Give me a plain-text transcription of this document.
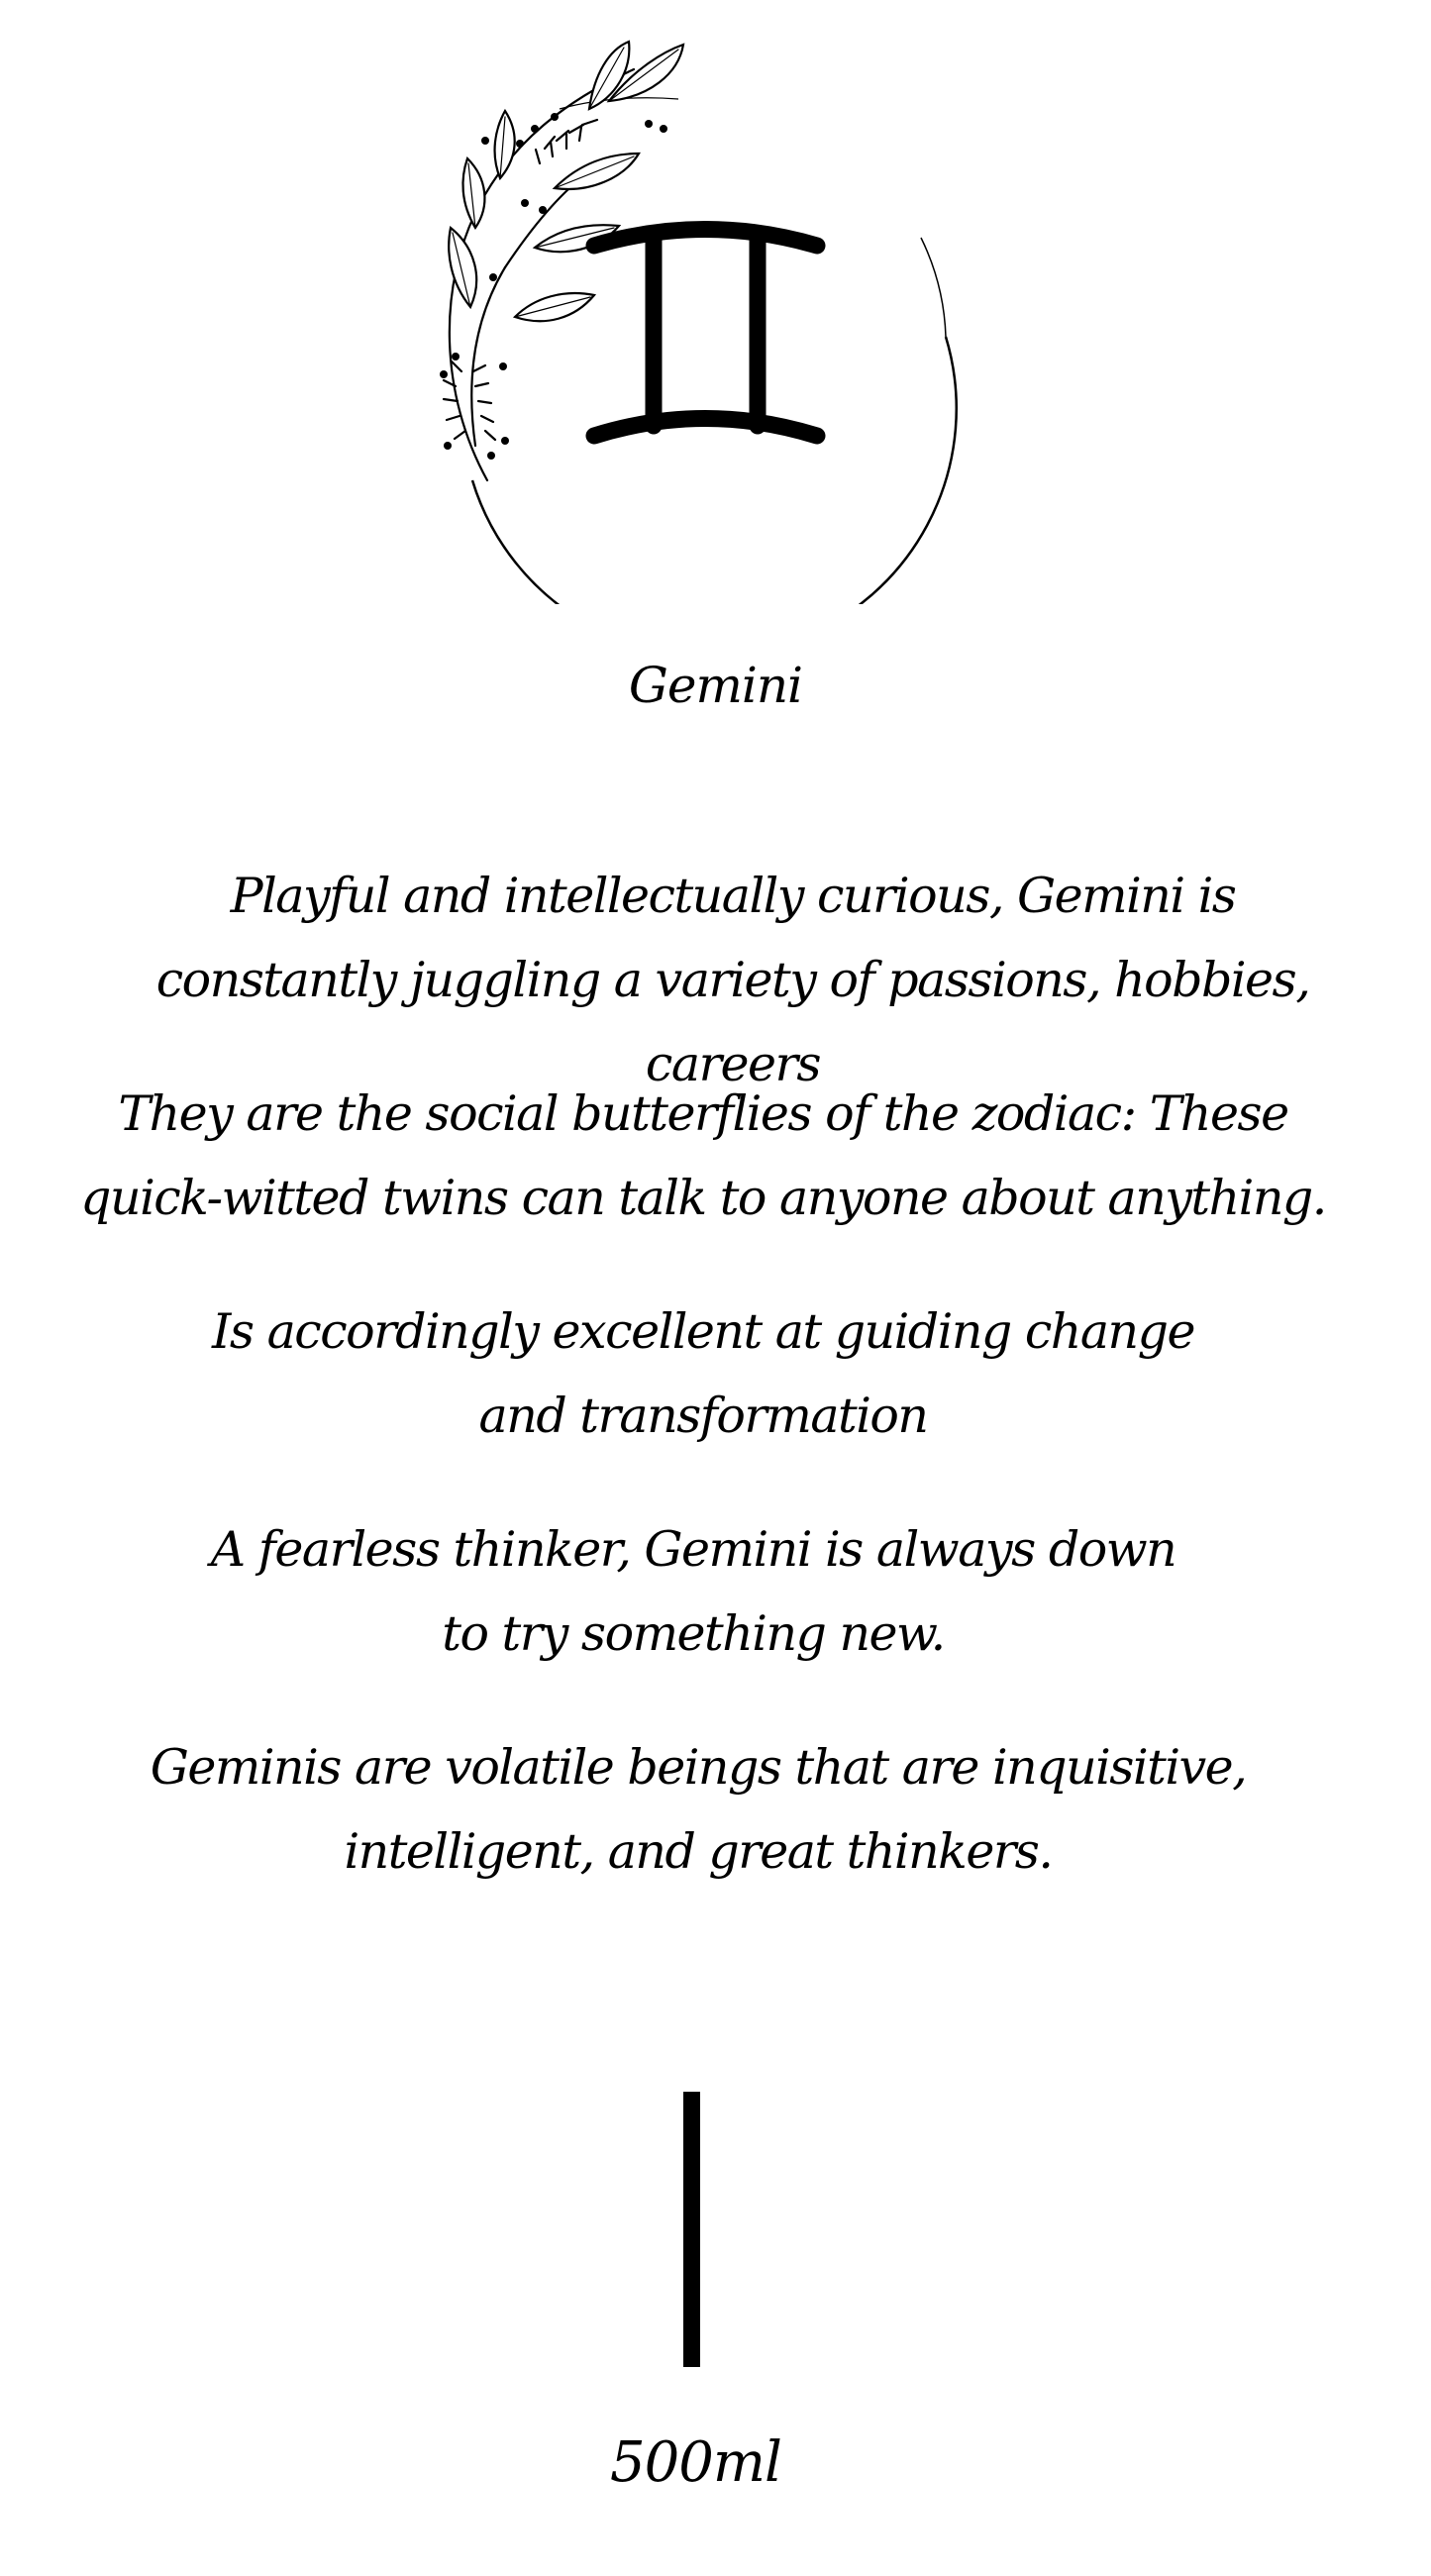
Gemini
Playful and intellectually curious, Gemini is constantly juggling a variety of passions, hobbies, careers
They are the social butterflies of the zodiac: These quick-witted twins can talk to anyone about anything.
Is accordingly excellent at guiding change and transformation
A fearless thinker, Gemini is always down to try something new.
Geminis are volatile beings that are inquisitive, intelligent, and great thinkers.
500ml
